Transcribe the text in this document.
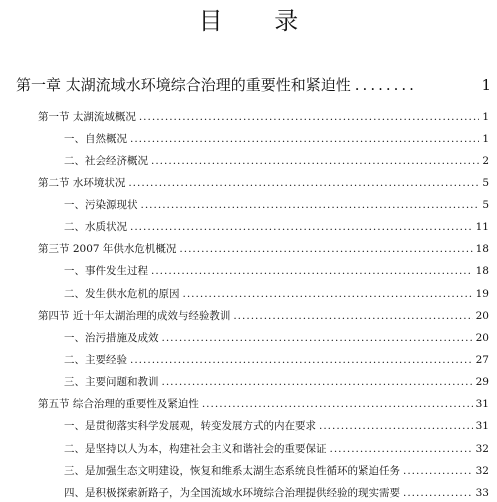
目 录
第一章 太湖流域水环境综合治理的重要性和紧迫性 ........	1
第一节 太湖流域概况 .....	1
一、自然概况 .....	1
二、社会经济概况 .....	2
第二节 水环境状况 .....	5
一、污染源现状 .....	5
二、水质状况 .....	11
第三节 2007 年供水危机概况 .....	18
一、事件发生过程 .....	18
二、发生供水危机的原因 .....	19
第四节 近十年太湖治理的成效与经验教训 .....	20
一、治污措施及成效 .....	20
二、主要经验 .....	27
三、主要问题和教训 .....	29
第五节 综合治理的重要性及紧迫性 .....	31
一、是贯彻落实科学发展观，转变发展方式的内在要求 .....	31
二、是坚持以人为本，构建社会主义和谐社会的重要保证 .....	32
三、是加强生态文明建设，恢复和维系太湖生态系统良性循环的紧迫任务 .....	32
四、是积极探索新路子，为全国流域水环境综合治理提供经验的现实需要 .....	33
